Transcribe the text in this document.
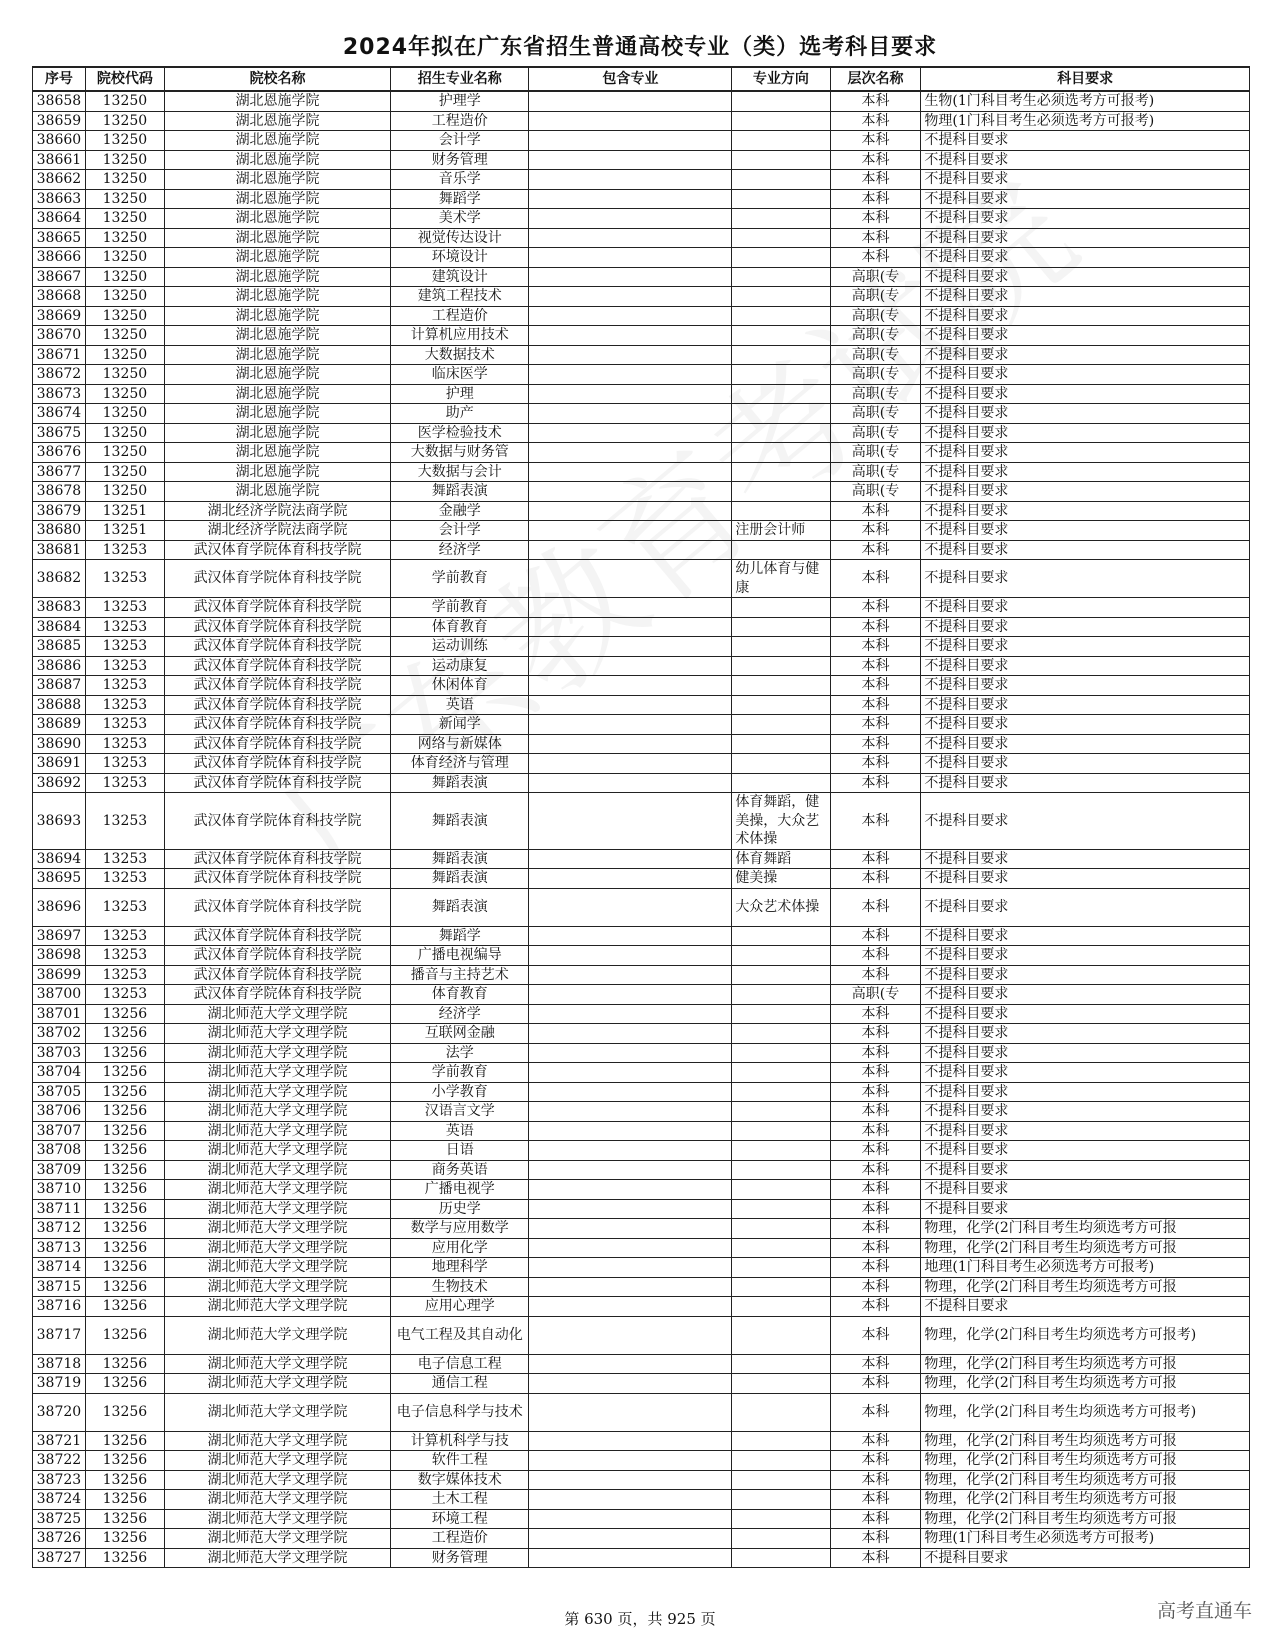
2024年拟在广东省招生普通高校专业（类）选考科目要求
序号	院校代码	院校名称	招生专业名称	包含专业	专业方向	层次名称	科目要求
38658	13250	湖北恩施学院	护理学			本科	生物(1门科目考生必须选考方可报考)
38659	13250	湖北恩施学院	工程造价			本科	物理(1门科目考生必须选考方可报考)
38660	13250	湖北恩施学院	会计学			本科	不提科目要求
38661	13250	湖北恩施学院	财务管理			本科	不提科目要求
38662	13250	湖北恩施学院	音乐学			本科	不提科目要求
38663	13250	湖北恩施学院	舞蹈学			本科	不提科目要求
38664	13250	湖北恩施学院	美术学			本科	不提科目要求
38665	13250	湖北恩施学院	视觉传达设计			本科	不提科目要求
38666	13250	湖北恩施学院	环境设计			本科	不提科目要求
38667	13250	湖北恩施学院	建筑设计			高职(专	不提科目要求
38668	13250	湖北恩施学院	建筑工程技术			高职(专	不提科目要求
38669	13250	湖北恩施学院	工程造价			高职(专	不提科目要求
38670	13250	湖北恩施学院	计算机应用技术			高职(专	不提科目要求
38671	13250	湖北恩施学院	大数据技术			高职(专	不提科目要求
38672	13250	湖北恩施学院	临床医学			高职(专	不提科目要求
38673	13250	湖北恩施学院	护理			高职(专	不提科目要求
38674	13250	湖北恩施学院	助产			高职(专	不提科目要求
38675	13250	湖北恩施学院	医学检验技术			高职(专	不提科目要求
38676	13250	湖北恩施学院	大数据与财务管			高职(专	不提科目要求
38677	13250	湖北恩施学院	大数据与会计			高职(专	不提科目要求
38678	13250	湖北恩施学院	舞蹈表演			高职(专	不提科目要求
38679	13251	湖北经济学院法商学院	金融学			本科	不提科目要求
38680	13251	湖北经济学院法商学院	会计学		注册会计师	本科	不提科目要求
38681	13253	武汉体育学院体育科技学院	经济学			本科	不提科目要求
38682	13253	武汉体育学院体育科技学院	学前教育		幼儿体育与健康	本科	不提科目要求
38683	13253	武汉体育学院体育科技学院	学前教育			本科	不提科目要求
38684	13253	武汉体育学院体育科技学院	体育教育			本科	不提科目要求
38685	13253	武汉体育学院体育科技学院	运动训练			本科	不提科目要求
38686	13253	武汉体育学院体育科技学院	运动康复			本科	不提科目要求
38687	13253	武汉体育学院体育科技学院	休闲体育			本科	不提科目要求
38688	13253	武汉体育学院体育科技学院	英语			本科	不提科目要求
38689	13253	武汉体育学院体育科技学院	新闻学			本科	不提科目要求
38690	13253	武汉体育学院体育科技学院	网络与新媒体			本科	不提科目要求
38691	13253	武汉体育学院体育科技学院	体育经济与管理			本科	不提科目要求
38692	13253	武汉体育学院体育科技学院	舞蹈表演			本科	不提科目要求
38693	13253	武汉体育学院体育科技学院	舞蹈表演		体育舞蹈，健美操，大众艺术体操	本科	不提科目要求
38694	13253	武汉体育学院体育科技学院	舞蹈表演		体育舞蹈	本科	不提科目要求
38695	13253	武汉体育学院体育科技学院	舞蹈表演		健美操	本科	不提科目要求
38696	13253	武汉体育学院体育科技学院	舞蹈表演		大众艺术体操	本科	不提科目要求
38697	13253	武汉体育学院体育科技学院	舞蹈学			本科	不提科目要求
38698	13253	武汉体育学院体育科技学院	广播电视编导			本科	不提科目要求
38699	13253	武汉体育学院体育科技学院	播音与主持艺术			本科	不提科目要求
38700	13253	武汉体育学院体育科技学院	体育教育			高职(专	不提科目要求
38701	13256	湖北师范大学文理学院	经济学			本科	不提科目要求
38702	13256	湖北师范大学文理学院	互联网金融			本科	不提科目要求
38703	13256	湖北师范大学文理学院	法学			本科	不提科目要求
38704	13256	湖北师范大学文理学院	学前教育			本科	不提科目要求
38705	13256	湖北师范大学文理学院	小学教育			本科	不提科目要求
38706	13256	湖北师范大学文理学院	汉语言文学			本科	不提科目要求
38707	13256	湖北师范大学文理学院	英语			本科	不提科目要求
38708	13256	湖北师范大学文理学院	日语			本科	不提科目要求
38709	13256	湖北师范大学文理学院	商务英语			本科	不提科目要求
38710	13256	湖北师范大学文理学院	广播电视学			本科	不提科目要求
38711	13256	湖北师范大学文理学院	历史学			本科	不提科目要求
38712	13256	湖北师范大学文理学院	数学与应用数学			本科	物理，化学(2门科目考生均须选考方可报
38713	13256	湖北师范大学文理学院	应用化学			本科	物理，化学(2门科目考生均须选考方可报
38714	13256	湖北师范大学文理学院	地理科学			本科	地理(1门科目考生必须选考方可报考)
38715	13256	湖北师范大学文理学院	生物技术			本科	物理，化学(2门科目考生均须选考方可报
38716	13256	湖北师范大学文理学院	应用心理学			本科	不提科目要求
38717	13256	湖北师范大学文理学院	电气工程及其自动化			本科	物理，化学(2门科目考生均须选考方可报考)
38718	13256	湖北师范大学文理学院	电子信息工程			本科	物理，化学(2门科目考生均须选考方可报
38719	13256	湖北师范大学文理学院	通信工程			本科	物理，化学(2门科目考生均须选考方可报
38720	13256	湖北师范大学文理学院	电子信息科学与技术			本科	物理，化学(2门科目考生均须选考方可报考)
38721	13256	湖北师范大学文理学院	计算机科学与技			本科	物理，化学(2门科目考生均须选考方可报
38722	13256	湖北师范大学文理学院	软件工程			本科	物理，化学(2门科目考生均须选考方可报
38723	13256	湖北师范大学文理学院	数字媒体技术			本科	物理，化学(2门科目考生均须选考方可报
38724	13256	湖北师范大学文理学院	土木工程			本科	物理，化学(2门科目考生均须选考方可报
38725	13256	湖北师范大学文理学院	环境工程			本科	物理，化学(2门科目考生均须选考方可报
38726	13256	湖北师范大学文理学院	工程造价			本科	物理(1门科目考生必须选考方可报考)
38727	13256	湖北师范大学文理学院	财务管理			本科	不提科目要求
第 630 页，共 925 页	高考直通车
